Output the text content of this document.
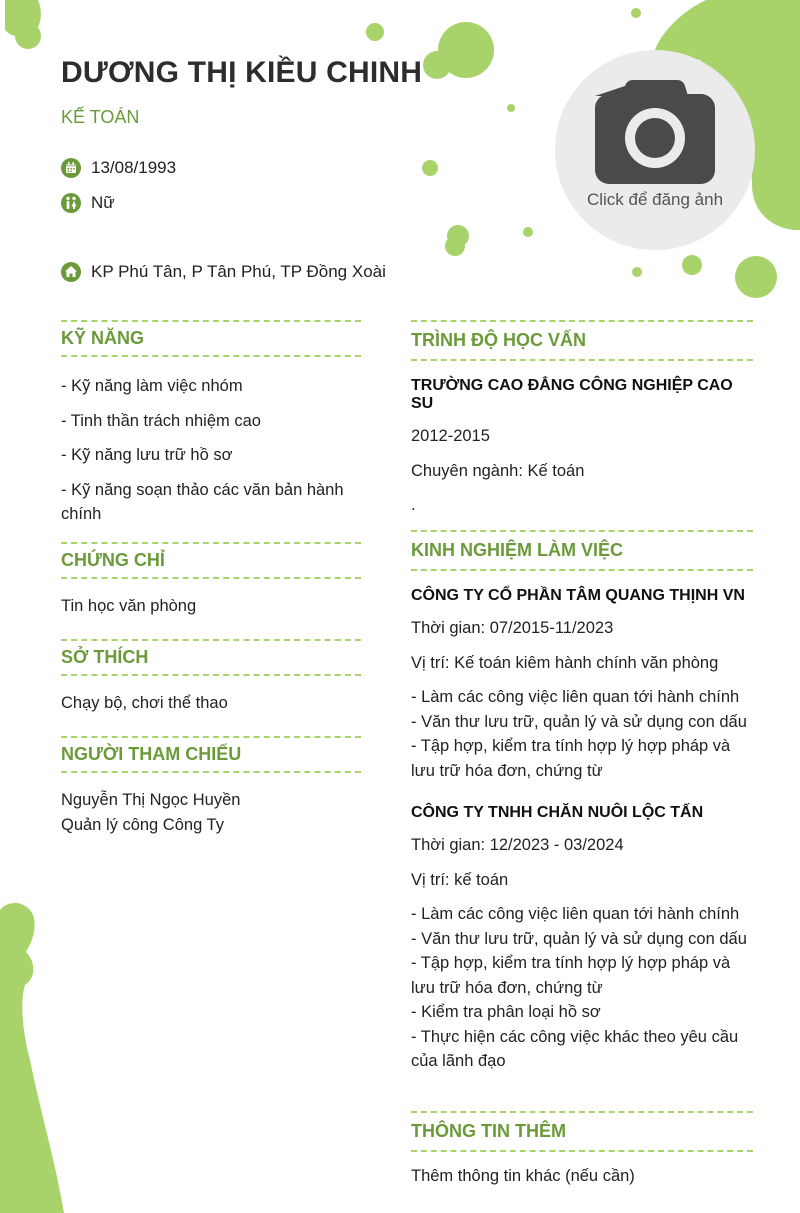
DƯƠNG THỊ KIỀU CHINH
KẾ TOÁN
13/08/1993
Nữ
KP Phú Tân, P Tân Phú, TP Đồng Xoài
Click để đăng ảnh
KỸ NĂNG
- Kỹ năng làm việc nhóm
- Tinh thần trách nhiệm cao
- Kỹ năng lưu trữ hồ sơ
- Kỹ năng soạn thảo các văn bản hành chính
CHỨNG CHỈ
Tin học văn phòng
SỞ THÍCH
Chạy bộ, chơi thể thao
NGƯỜI THAM CHIẾU
Nguyễn Thị Ngọc Huyền
Quản lý công Công Ty
TRÌNH ĐỘ HỌC VẤN
TRƯỜNG CAO ĐẲNG CÔNG NGHIỆP CAO SU
2012-2015
Chuyên ngành: Kế toán
.
KINH NGHIỆM LÀM VIỆC
CÔNG TY CỔ PHẦN TÂM QUANG THỊNH VN
Thời gian: 07/2015-11/2023
Vị trí: Kế toán kiêm hành chính văn phòng
- Làm các công việc liên quan tới hành chính
- Văn thư lưu trữ, quản lý và sử dụng con dấu
- Tập hợp, kiểm tra tính hợp lý hợp pháp và lưu trữ hóa đơn, chứng từ
CÔNG TY TNHH CHĂN NUÔI LỘC TẤN
Thời gian: 12/2023 - 03/2024
Vị trí: kế toán
- Làm các công việc liên quan tới hành chính
- Văn thư lưu trữ, quản lý và sử dụng con dấu
- Tập hợp, kiểm tra tính hợp lý hợp pháp và lưu trữ hóa đơn, chứng từ
- Kiểm tra phân loại hồ sơ
- Thực hiện các công việc khác theo yêu cầu của lãnh đạo
THÔNG TIN THÊM
Thêm thông tin khác (nếu cần)
